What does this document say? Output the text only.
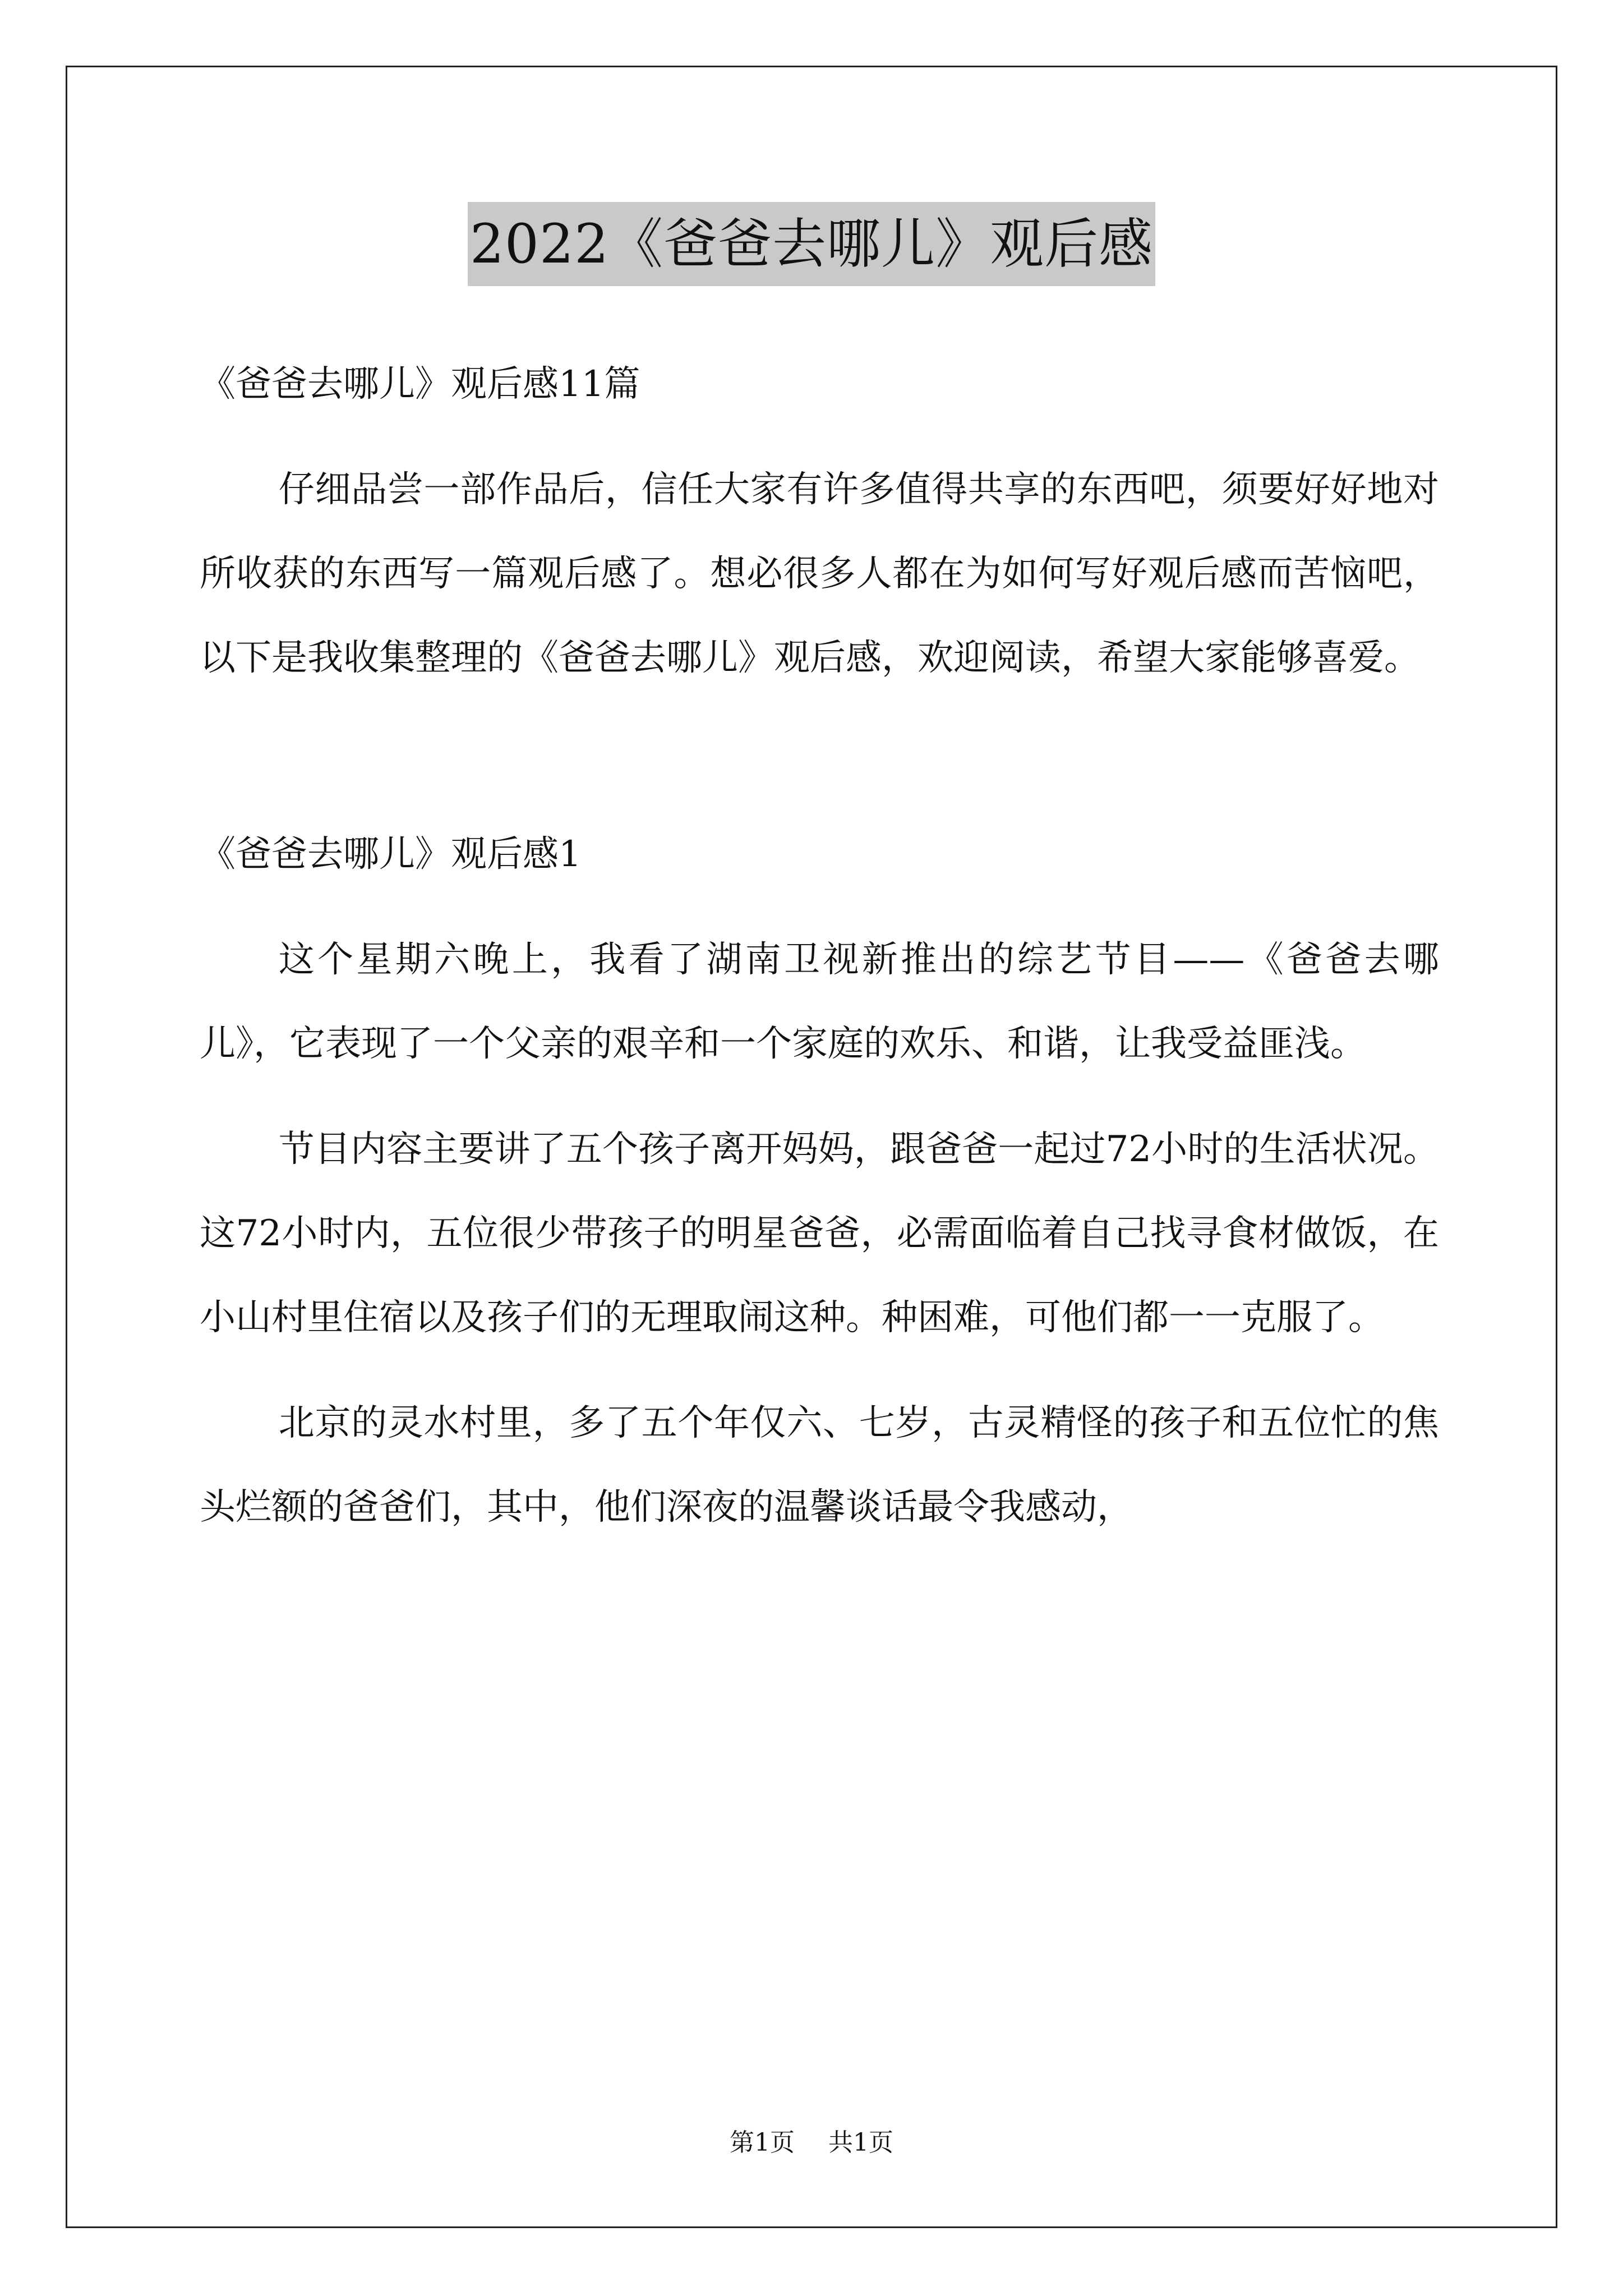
2022《爸爸去哪儿》观后感

《爸爸去哪儿》观后感11篇

仔细品尝一部作品后，信任大家有许多值得共享的东西吧，须要好好地对所收获的东西写一篇观后感了。想必很多人都在为如何写好观后感而苦恼吧，以下是我收集整理的《爸爸去哪儿》观后感，欢迎阅读，希望大家能够喜爱。

《爸爸去哪儿》观后感1

这个星期六晚上，我看了湖南卫视新推出的综艺节目——《爸爸去哪儿》，它表现了一个父亲的艰辛和一个家庭的欢乐、和谐，让我受益匪浅。

节目内容主要讲了五个孩子离开妈妈，跟爸爸一起过72小时的生活状况。这72小时内，五位很少带孩子的明星爸爸，必需面临着自己找寻食材做饭，在小山村里住宿以及孩子们的无理取闹这种。种困难，可他们都一一克服了。

北京的灵水村里，多了五个年仅六、七岁，古灵精怪的孩子和五位忙的焦头烂额的爸爸们，其中，他们深夜的温馨谈话最令我感动，

第1页 共1页
